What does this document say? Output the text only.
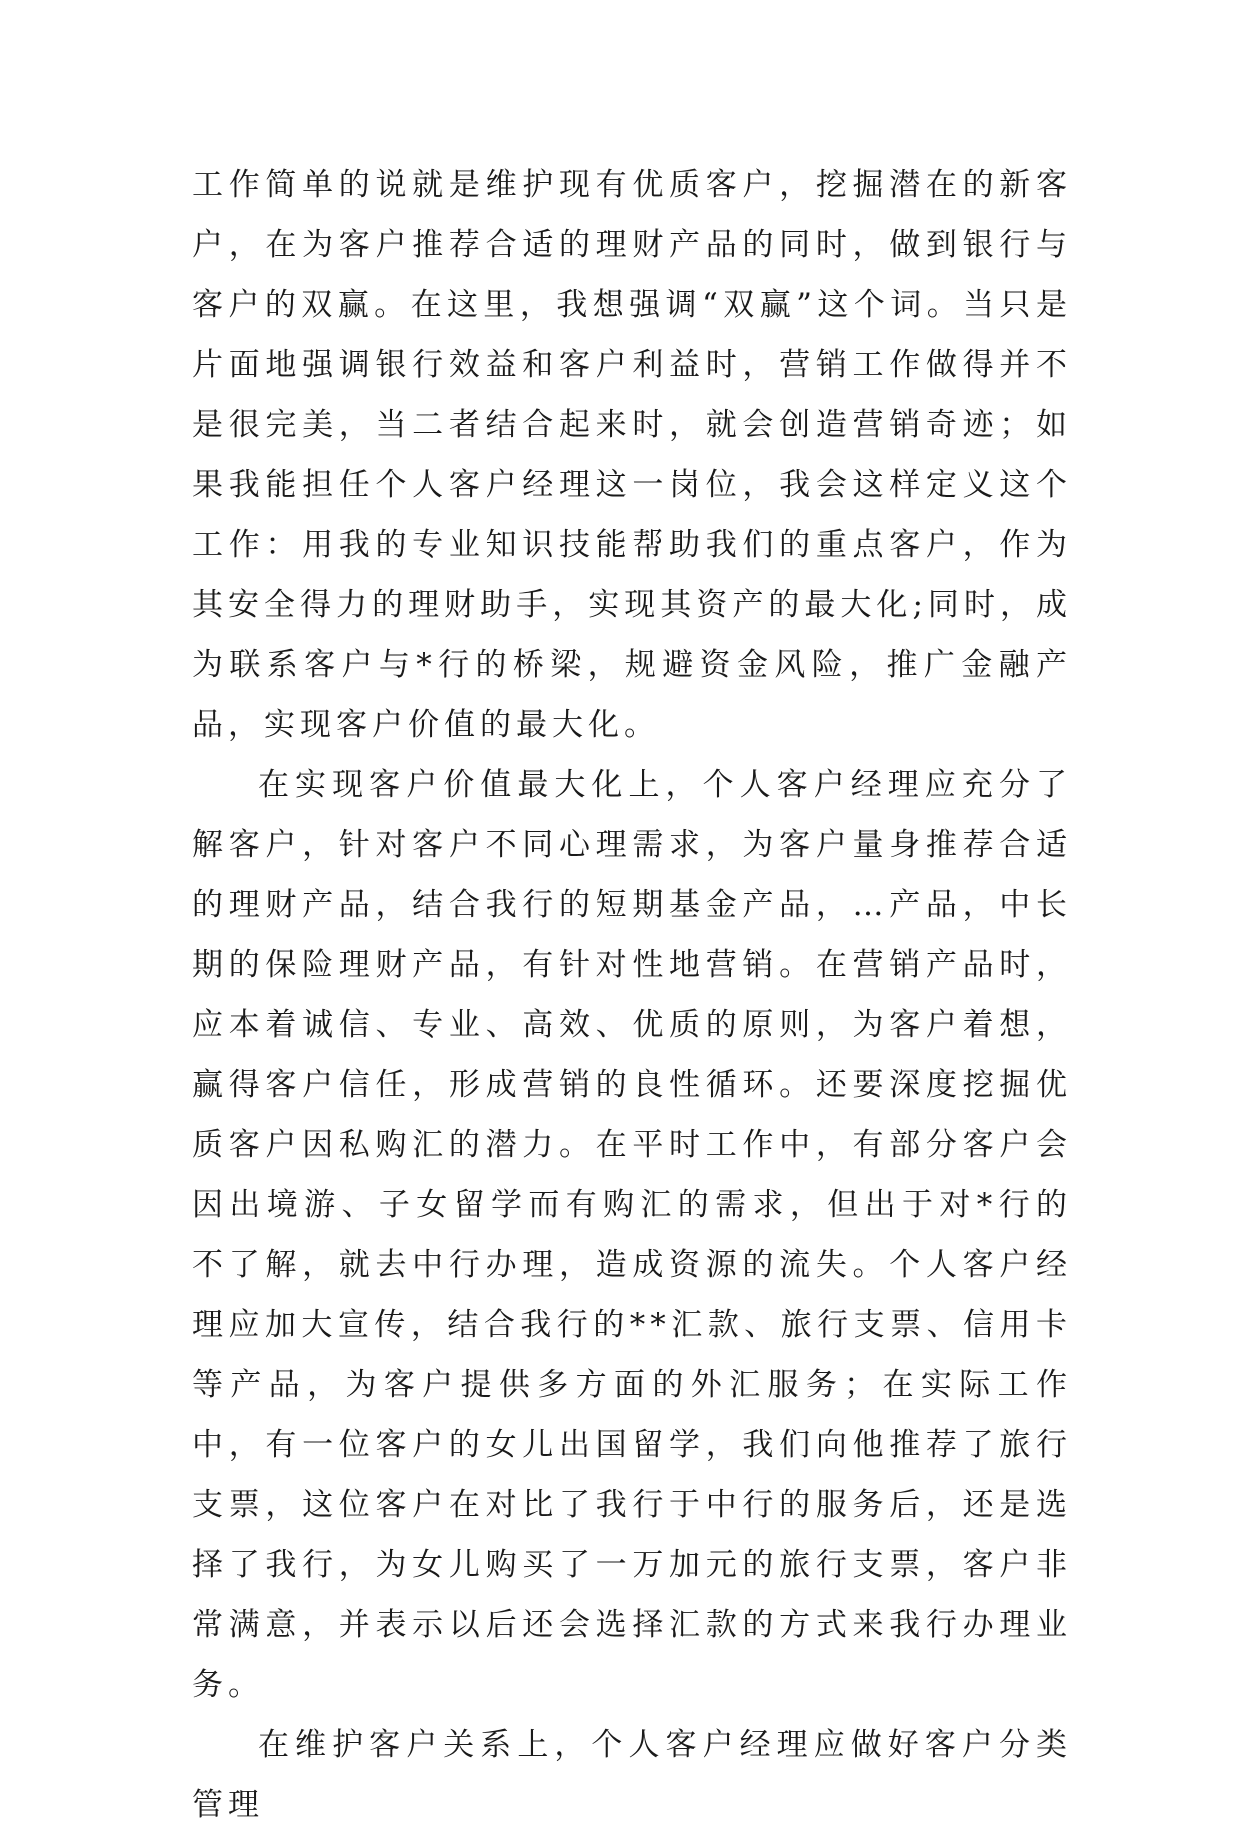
工作简单的说就是维护现有优质客户，挖掘潜在的新客户，在为客户推荐合适的理财产品的同时，做到银行与客户的双赢。在这里，我想强调“双赢”这个词。当只是片面地强调银行效益和客户利益时，营销工作做得并不是很完美，当二者结合起来时，就会创造营销奇迹；如果我能担任个人客户经理这一岗位，我会这样定义这个工作：用我的专业知识技能帮助我们的重点客户，作为其安全得力的理财助手，实现其资产的最大化;同时，成为联系客户与*行的桥梁，规避资金风险，推广金融产品，实现客户价值的最大化。

在实现客户价值最大化上，个人客户经理应充分了解客户，针对客户不同心理需求，为客户量身推荐合适的理财产品，结合我行的短期基金产品，…产品，中长期的保险理财产品，有针对性地营销。在营销产品时，应本着诚信、专业、高效、优质的原则，为客户着想，赢得客户信任，形成营销的良性循环。还要深度挖掘优质客户因私购汇的潜力。在平时工作中，有部分客户会因出境游、子女留学而有购汇的需求，但出于对*行的不了解，就去中行办理，造成资源的流失。个人客户经理应加大宣传，结合我行的**汇款、旅行支票、信用卡等产品，为客户提供多方面的外汇服务；在实际工作中，有一位客户的女儿出国留学，我们向他推荐了旅行支票，这位客户在对比了我行于中行的服务后，还是选择了我行，为女儿购买了一万加元的旅行支票，客户非常满意，并表示以后还会选择汇款的方式来我行办理业务。

在维护客户关系上，个人客户经理应做好客户分类管理
